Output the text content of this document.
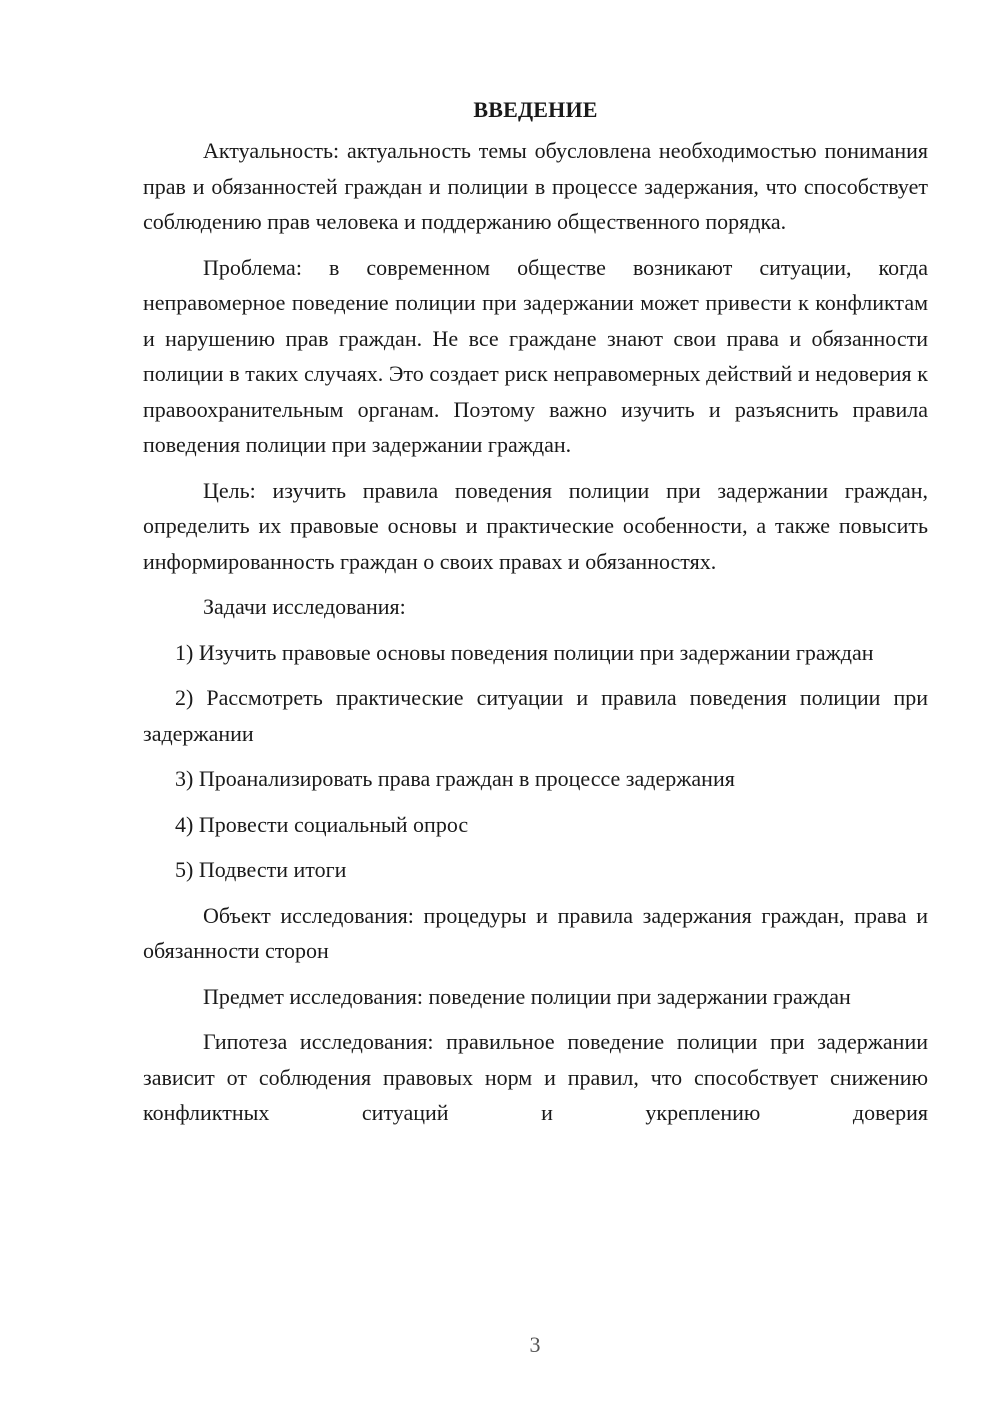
ВВЕДЕНИЕ

Актуальность: актуальность темы обусловлена необходимостью понимания прав и обязанностей граждан и полиции в процессе задержания, что способствует соблюдению прав человека и поддержанию общественного порядка.

Проблема: в современном обществе возникают ситуации, когда неправомерное поведение полиции при задержании может привести к конфликтам и нарушению прав граждан. Не все граждане знают свои права и обязанности полиции в таких случаях. Это создает риск неправомерных действий и недоверия к правоохранительным органам. Поэтому важно изучить и разъяснить правила поведения полиции при задержании граждан.

Цель: изучить правила поведения полиции при задержании граждан, определить их правовые основы и практические особенности, а также повысить информированность граждан о своих правах и обязанностях.

Задачи исследования:

1) Изучить правовые основы поведения полиции при задержании граждан

2) Рассмотреть практические ситуации и правила поведения полиции при задержании

3) Проанализировать права граждан в процессе задержания

4) Провести социальный опрос

5) Подвести итоги

Объект исследования: процедуры и правила задержания граждан, права и обязанности сторон

Предмет исследования: поведение полиции при задержании граждан

Гипотеза исследования: правильное поведение полиции при задержании зависит от соблюдения правовых норм и правил, что способствует снижению конфликтных ситуаций и укреплению доверия

3
